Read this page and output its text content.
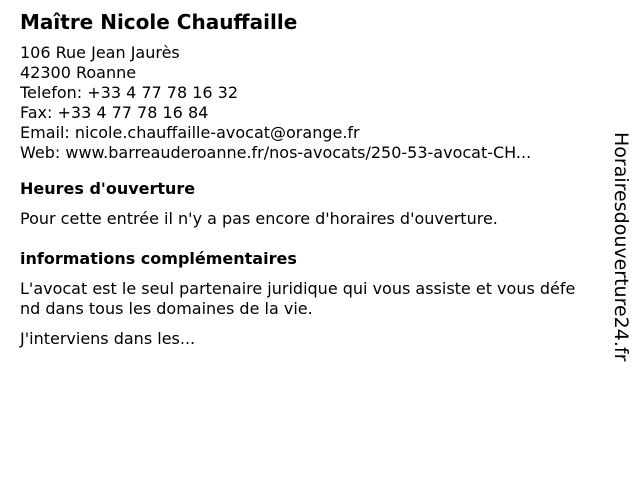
Maître Nicole Chauffaille
106 Rue Jean Jaurès
42300 Roanne
Telefon: +33 4 77 78 16 32
Fax: +33 4 77 78 16 84
Email: nicole.chauffaille-avocat@orange.fr
Web: www.barreauderoanne.fr/nos-avocats/250-53-avocat-CH...
Heures d'ouverture
Pour cette entrée il n'y a pas encore d'horaires d'ouverture.
informations complémentaires
L'avocat est le seul partenaire juridique qui vous assiste et vous défend dans tous les domaines de la vie.
J'interviens dans les...	Horairesdouverture24.fr
